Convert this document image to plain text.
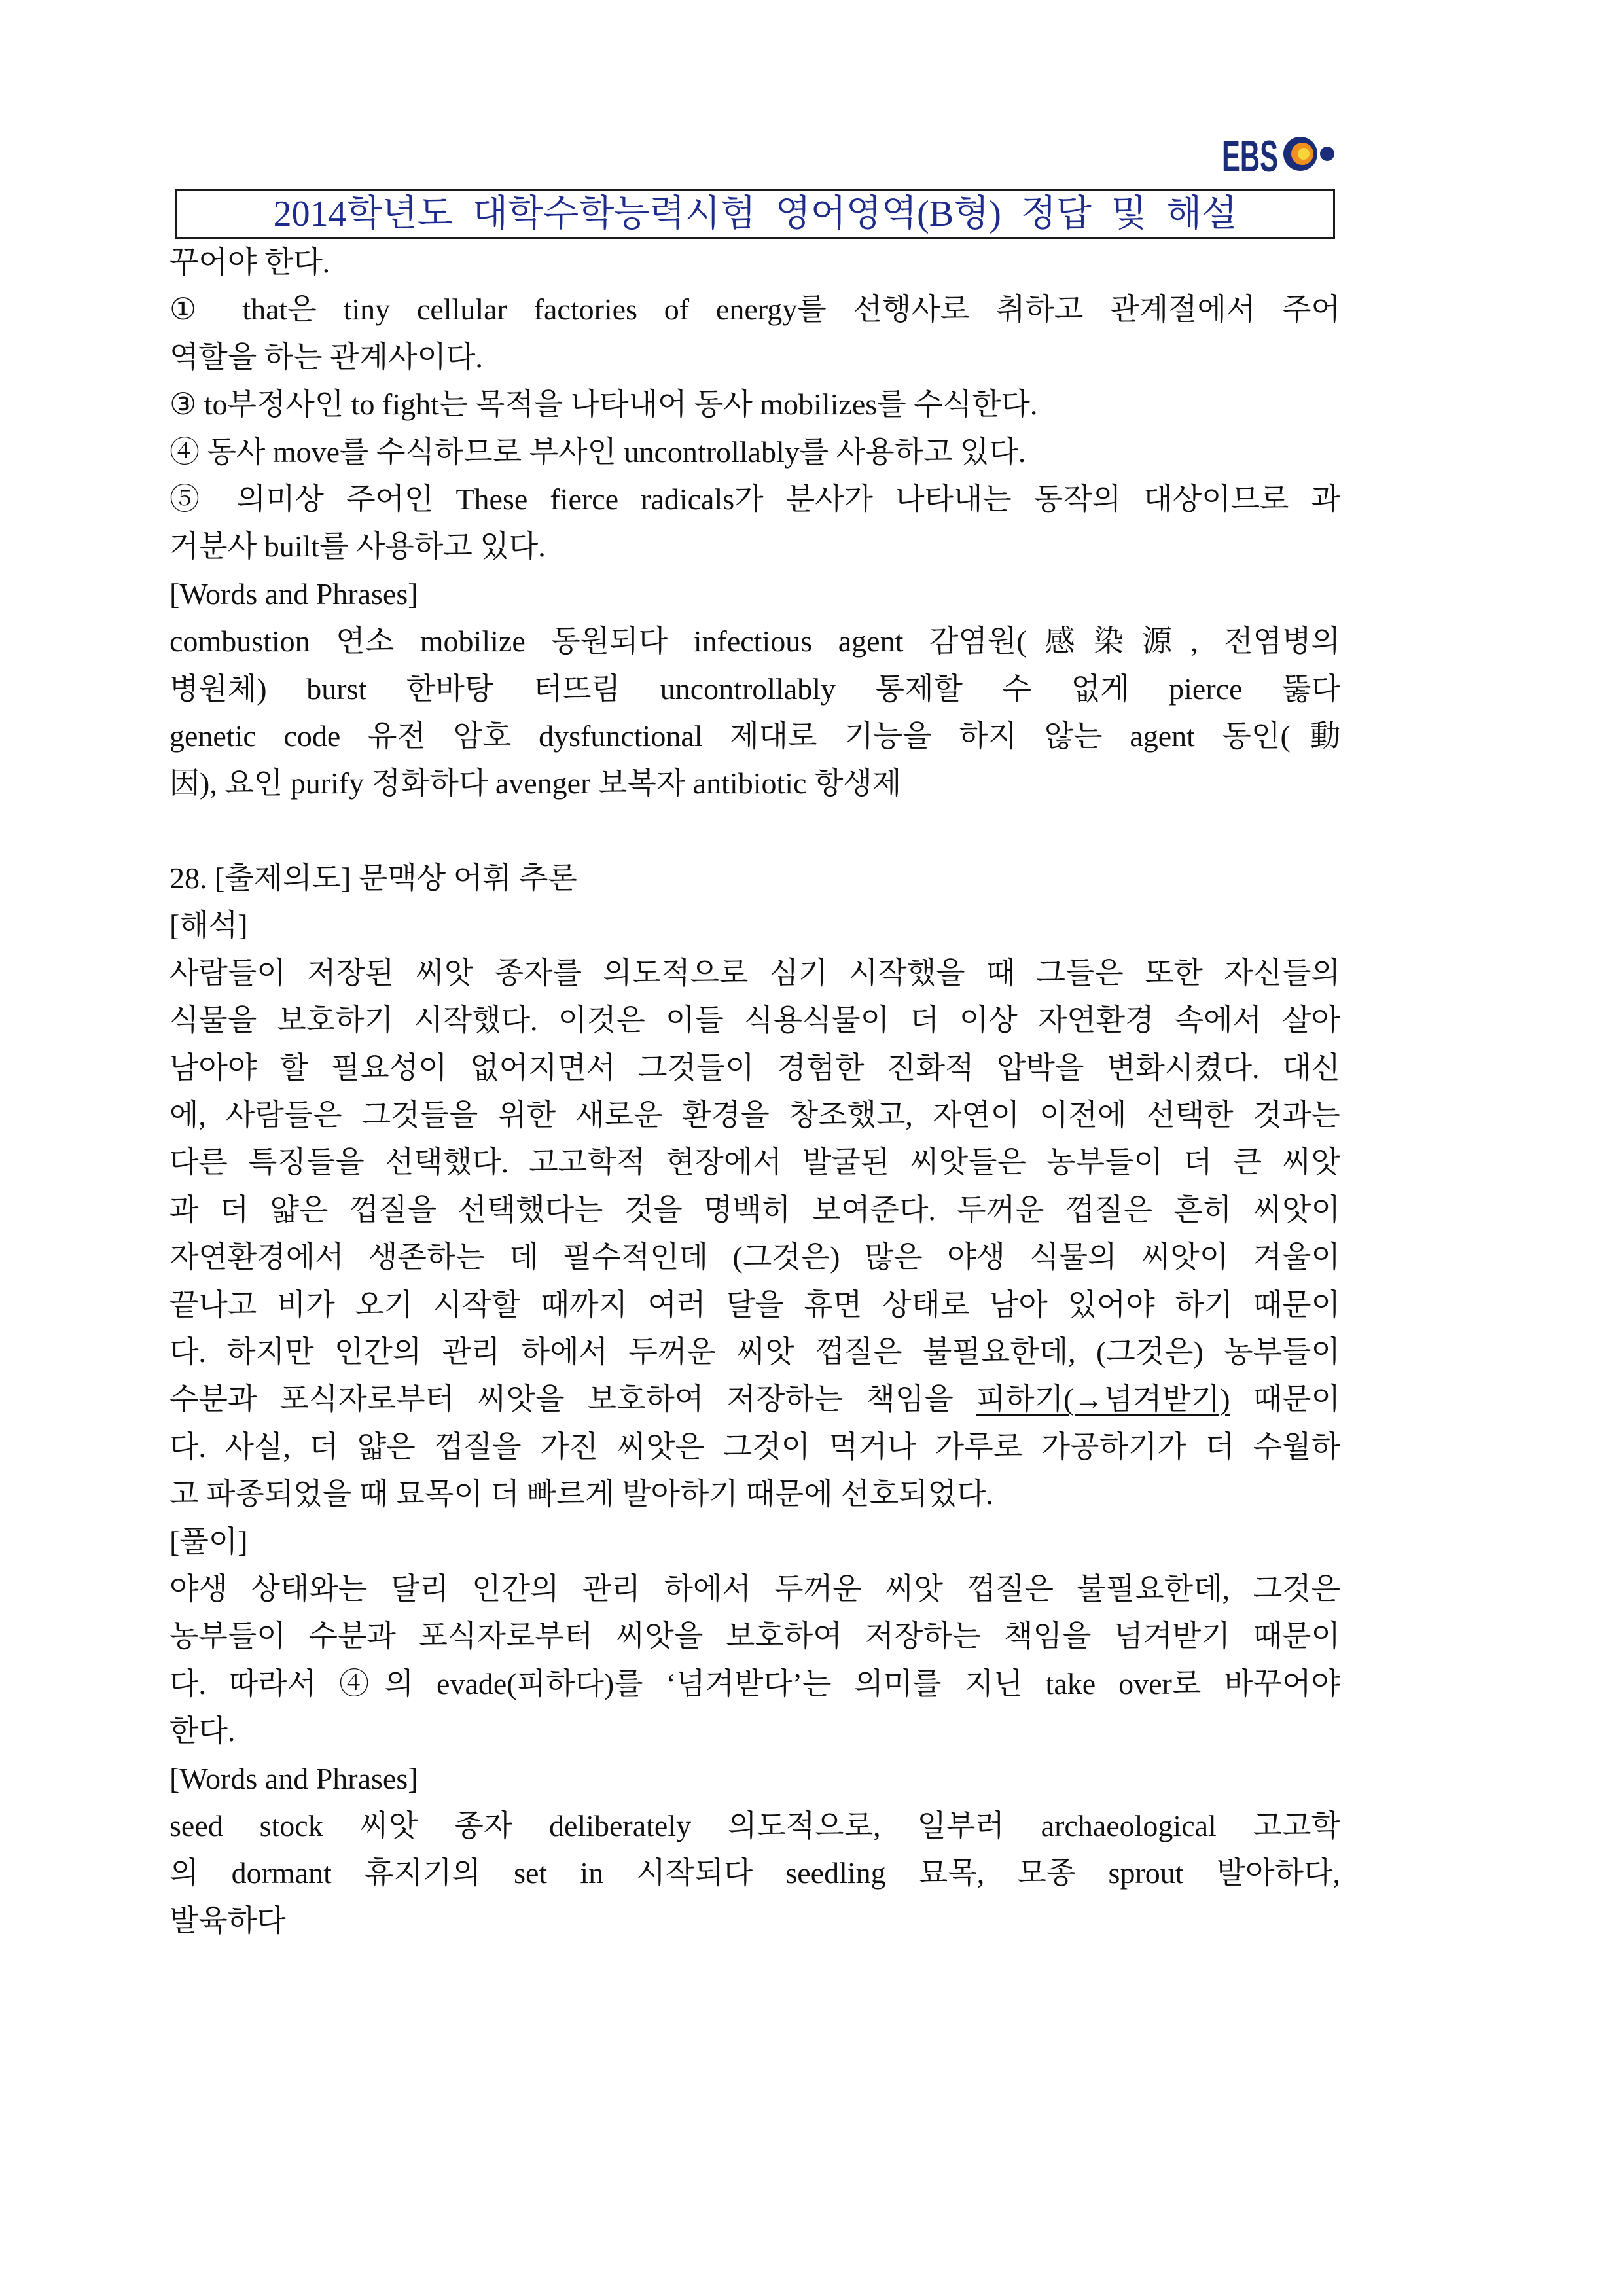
EBS
2014학년도 대학수학능력시험 영어영역(B형) 정답 및 해설
꾸어야 한다.
① that은 tiny cellular factories of energy를 선행사로 취하고 관계절에서 주어
역할을 하는 관계사이다.
③ to부정사인 to fight는 목적을 나타내어 동사 mobilizes를 수식한다.
④ 동사 move를 수식하므로 부사인 uncontrollably를 사용하고 있다.
⑤ 의미상 주어인 These fierce radicals가 분사가 나타내는 동작의 대상이므로 과
거분사 built를 사용하고 있다.
[Words and Phrases]
combustion 연소 mobilize 동원되다 infectious agent 감염원(感染源, 전염병의
병원체) burst 한바탕 터뜨림 uncontrollably 통제할 수 없게 pierce 뚫다
genetic code 유전 암호 dysfunctional 제대로 기능을 하지 않는 agent 동인(動
因), 요인 purify 정화하다 avenger 보복자 antibiotic 항생제
28. [출제의도] 문맥상 어휘 추론
[해석]
사람들이 저장된 씨앗 종자를 의도적으로 심기 시작했을 때 그들은 또한 자신들의
식물을 보호하기 시작했다. 이것은 이들 식용식물이 더 이상 자연환경 속에서 살아
남아야 할 필요성이 없어지면서 그것들이 경험한 진화적 압박을 변화시켰다. 대신
에, 사람들은 그것들을 위한 새로운 환경을 창조했고, 자연이 이전에 선택한 것과는
다른 특징들을 선택했다. 고고학적 현장에서 발굴된 씨앗들은 농부들이 더 큰 씨앗
과 더 얇은 껍질을 선택했다는 것을 명백히 보여준다. 두꺼운 껍질은 흔히 씨앗이
자연환경에서 생존하는 데 필수적인데 (그것은) 많은 야생 식물의 씨앗이 겨울이
끝나고 비가 오기 시작할 때까지 여러 달을 휴면 상태로 남아 있어야 하기 때문이
다. 하지만 인간의 관리 하에서 두꺼운 씨앗 껍질은 불필요한데, (그것은) 농부들이
수분과 포식자로부터 씨앗을 보호하여 저장하는 책임을 피하기(→넘겨받기) 때문이
다. 사실, 더 얇은 껍질을 가진 씨앗은 그것이 먹거나 가루로 가공하기가 더 수월하
고 파종되었을 때 묘목이 더 빠르게 발아하기 때문에 선호되었다.
[풀이]
야생 상태와는 달리 인간의 관리 하에서 두꺼운 씨앗 껍질은 불필요한데, 그것은
농부들이 수분과 포식자로부터 씨앗을 보호하여 저장하는 책임을 넘겨받기 때문이
다. 따라서 ④의 evade(피하다)를 ‘넘겨받다’는 의미를 지닌 take over로 바꾸어야
한다.
[Words and Phrases]
seed stock 씨앗 종자 deliberately 의도적으로, 일부러 archaeological 고고학
의 dormant 휴지기의 set in 시작되다 seedling 묘목, 모종 sprout 발아하다,
발육하다
